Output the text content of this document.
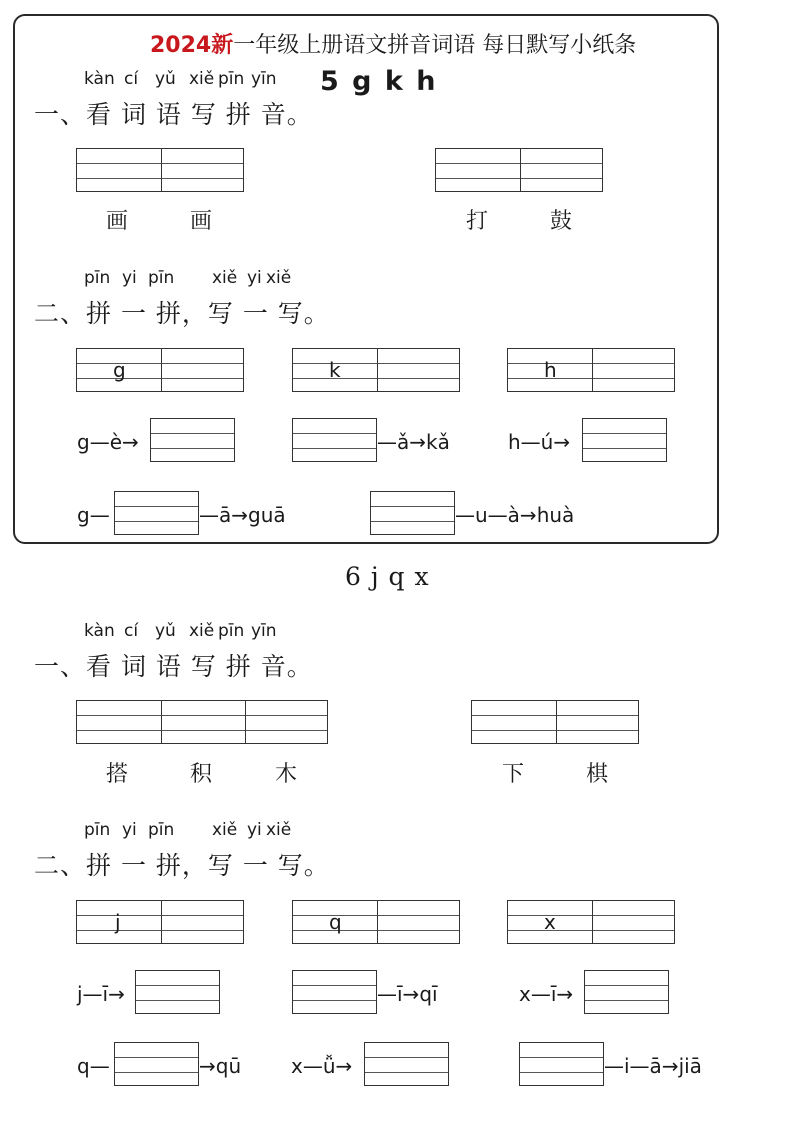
2024新一年级上册语文拼音词语 每日默写小纸条
5 g k h
kàn cí yǔ xiě pīn yīn
一、看 词 语 写 拼 音。
画	画	打	鼓
pīn yi pīn xiě yi xiě
二、拼 一 拼，写 一 写。
g	k	h
g—è→	—ǎ→kǎ	h—ú→
g—	—ā→guā	—u—à→huà
6 j q x
kàn cí yǔ xiě pīn yīn
一、看 词 语 写 拼 音。
搭	积	木	下	棋
pīn yi pīn xiě yi xiě
二、拼 一 拼，写 一 写。
j	q	x
j—ī→	—ī→qī	x—ī→
q—	→qū x—ǚ→	—i—ā→jiā
